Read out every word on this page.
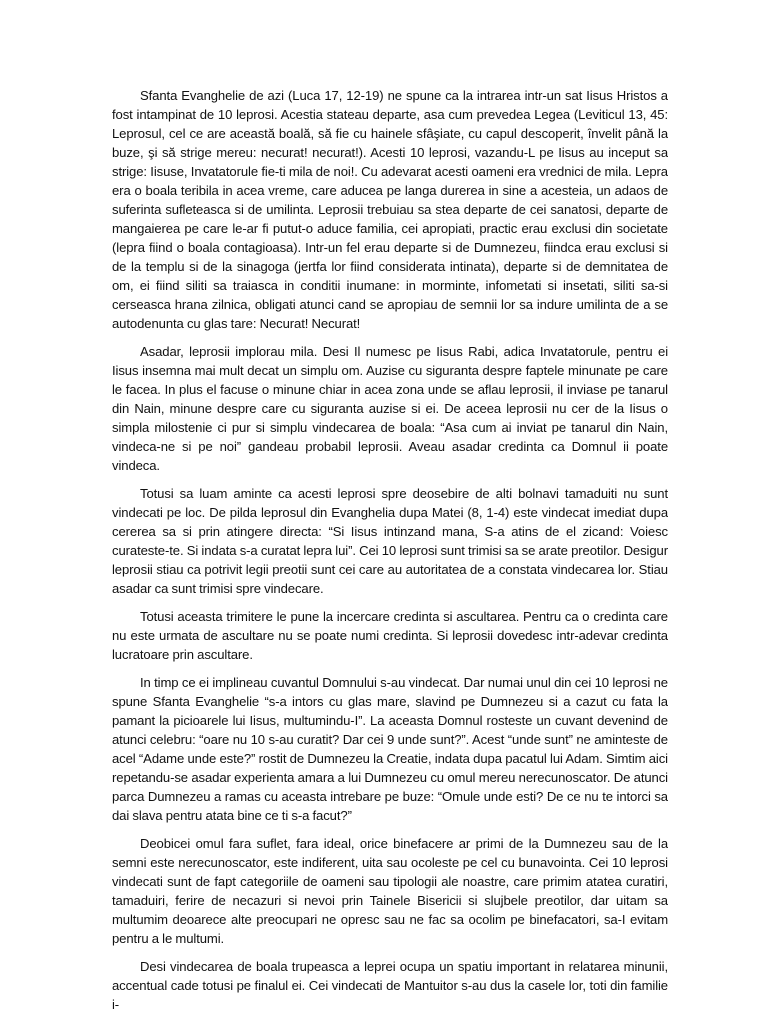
Sfanta Evanghelie de azi (Luca 17, 12-19) ne spune ca la intrarea intr-un sat Iisus Hristos a fost intampinat de 10 leprosi. Acestia stateau departe, asa cum prevedea Legea (Leviticul 13, 45: Leprosul, cel ce are această boală, să fie cu hainele sfâşiate, cu capul descoperit, învelit până la buze, şi să strige mereu: necurat! necurat!). Acesti 10 leprosi, vazandu-L pe Iisus au inceput sa strige: Iisuse, Invatatorule fie-ti mila de noi!. Cu adevarat acesti oameni era vrednici de mila. Lepra era o boala teribila in acea vreme, care aducea pe langa durerea in sine a acesteia, un adaos de suferinta sufleteasca si de umilinta. Leprosii trebuiau sa stea departe de cei sanatosi, departe de mangaierea pe care le-ar fi putut-o aduce familia, cei apropiati, practic erau exclusi din societate (lepra fiind o boala contagioasa). Intr-un fel erau departe si de Dumnezeu, fiindca erau exclusi si de la templu si de la sinagoga (jertfa lor fiind considerata intinata), departe si de demnitatea de om, ei fiind siliti sa traiasca in conditii inumane: in morminte, infometati si insetati, siliti sa-si cerseasca hrana zilnica, obligati atunci cand se apropiau de semnii lor sa indure umilinta de a se autodenunta cu glas tare: Necurat! Necurat!

Asadar, leprosii implorau mila. Desi Il numesc pe Iisus Rabi, adica Invatatorule, pentru ei Iisus insemna mai mult decat un simplu om. Auzise cu siguranta despre faptele minunate pe care le facea. In plus el facuse o minune chiar in acea zona unde se aflau leprosii, il inviase pe tanarul din Nain, minune despre care cu siguranta auzise si ei. De aceea leprosii nu cer de la Iisus o simpla milostenie ci pur si simplu vindecarea de boala: “Asa cum ai inviat pe tanarul din Nain, vindeca-ne si pe noi” gandeau probabil leprosii. Aveau asadar credinta ca Domnul ii poate vindeca.

Totusi sa luam aminte ca acesti leprosi spre deosebire de alti bolnavi tamaduiti nu sunt vindecati pe loc. De pilda leprosul din Evanghelia dupa Matei (8, 1-4) este vindecat imediat dupa cererea sa si prin atingere directa: “Si Iisus intinzand mana, S-a atins de el zicand: Voiesc curateste-te. Si indata s-a curatat lepra lui”. Cei 10 leprosi sunt trimisi sa se arate preotilor. Desigur leprosii stiau ca potrivit legii preotii sunt cei care au autoritatea de a constata vindecarea lor. Stiau asadar ca sunt trimisi spre vindecare.

Totusi aceasta trimitere le pune la incercare credinta si ascultarea. Pentru ca o credinta care nu este urmata de ascultare nu se poate numi credinta. Si leprosii dovedesc intr-adevar credinta lucratoare prin ascultare.

In timp ce ei implineau cuvantul Domnului s-au vindecat. Dar numai unul din cei 10 leprosi ne spune Sfanta Evanghelie “s-a intors cu glas mare, slavind pe Dumnezeu si a cazut cu fata la pamant la picioarele lui Iisus, multumindu-I”. La aceasta Domnul rosteste un cuvant devenind de atunci celebru: “oare nu 10 s-au curatit? Dar cei 9 unde sunt?”. Acest “unde sunt” ne aminteste de acel “Adame unde este?” rostit de Dumnezeu la Creatie, indata dupa pacatul lui Adam. Simtim aici repetandu-se asadar experienta amara a lui Dumnezeu cu omul mereu nerecunoscator. De atunci parca Dumnezeu a ramas cu aceasta intrebare pe buze: “Omule unde esti? De ce nu te intorci sa dai slava pentru atata bine ce ti s-a facut?”

Deobicei omul fara suflet, fara ideal, orice binefacere ar primi de la Dumnezeu sau de la semni este nerecunoscator, este indiferent, uita sau ocoleste pe cel cu bunavointa. Cei 10 leprosi vindecati sunt de fapt categoriile de oameni sau tipologii ale noastre, care primim atatea curatiri, tamaduiri, ferire de necazuri si nevoi prin Tainele Bisericii si slujbele preotilor, dar uitam sa multumim deoarece alte preocupari ne opresc sau ne fac sa ocolim pe binefacatori, sa-I evitam pentru a le multumi.

Desi vindecarea de boala trupeasca a leprei ocupa un spatiu important in relatarea minunii, accentual cade totusi pe finalul ei. Cei vindecati de Mantuitor s-au dus la casele lor, toti din familie i-
